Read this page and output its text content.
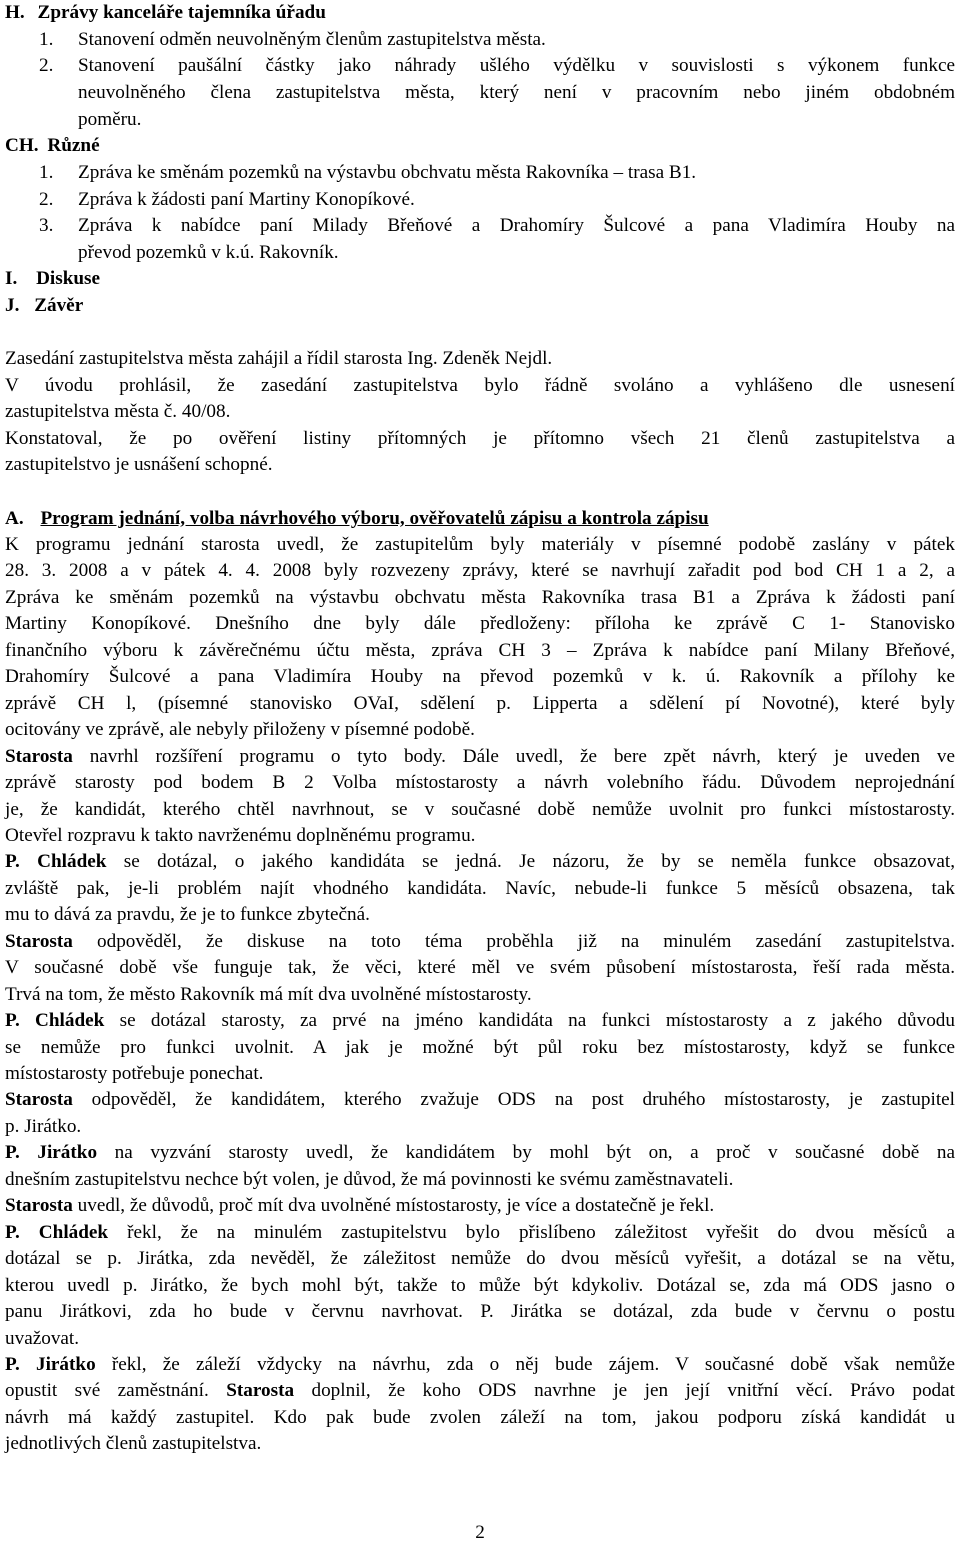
H. Zprávy kanceláře tajemníka úřadu
1. Stanovení odměn neuvolněným členům zastupitelstva města.
2. Stanovení paušální částky jako náhrady ušlého výdělku v souvislosti s výkonem funkce
neuvolněného člena zastupitelstva města, který není v pracovním nebo jiném obdobném
poměru.
CH. Různé
1. Zpráva ke směnám pozemků na výstavbu obchvatu města Rakovníka – trasa B1.
2. Zpráva k žádosti paní Martiny Konopíkové.
3. Zpráva k nabídce paní Milady Břeňové a Drahomíry Šulcové a pana Vladimíra Houby na
převod pozemků v k.ú. Rakovník.
I. Diskuse
J. Závěr
Zasedání zastupitelstva města zahájil a řídil starosta Ing. Zdeněk Nejdl.
V úvodu prohlásil, že zasedání zastupitelstva bylo řádně svoláno a vyhlášeno dle usnesení
zastupitelstva města č. 40/08.
Konstatoval, že po ověření listiny přítomných je přítomno všech 21 členů zastupitelstva a
zastupitelstvo je usnášení schopné.
A. Program jednání, volba návrhového výboru, ověřovatelů zápisu a kontrola zápisu
K programu jednání starosta uvedl, že zastupitelům byly materiály v písemné podobě zaslány v pátek
28. 3. 2008 a v pátek 4. 4. 2008 byly rozvezeny zprávy, které se navrhují zařadit pod bod CH 1 a 2, a
Zpráva ke směnám pozemků na výstavbu obchvatu města Rakovníka trasa B1 a Zpráva k žádosti paní
Martiny Konopíkové. Dnešního dne byly dále předloženy: příloha ke zprávě C 1- Stanovisko
finančního výboru k závěrečnému účtu města, zpráva CH 3 – Zpráva k nabídce paní Milany Břeňové,
Drahomíry Šulcové a pana Vladimíra Houby na převod pozemků v k. ú. Rakovník a přílohy ke
zprávě CH l, (písemné stanovisko OVaI, sdělení p. Lipperta a sdělení pí Novotné), které byly
ocitovány ve zprávě, ale nebyly přiloženy v písemné podobě.
Starosta navrhl rozšíření programu o tyto body. Dále uvedl, že bere zpět návrh, který je uveden ve
zprávě starosty pod bodem B 2 Volba místostarosty a návrh volebního řádu. Důvodem neprojednání
je, že kandidát, kterého chtěl navrhnout, se v současné době nemůže uvolnit pro funkci místostarosty.
Otevřel rozpravu k takto navrženému doplněnému programu.
P. Chládek se dotázal, o jakého kandidáta se jedná. Je názoru, že by se neměla funkce obsazovat,
zvláště pak, je-li problém najít vhodného kandidáta. Navíc, nebude-li funkce 5 měsíců obsazena, tak
mu to dává za pravdu, že je to funkce zbytečná.
Starosta odpověděl, že diskuse na toto téma proběhla již na minulém zasedání zastupitelstva.
V současné době vše funguje tak, že věci, které měl ve svém působení místostarosta, řeší rada města.
Trvá na tom, že město Rakovník má mít dva uvolněné místostarosty.
P. Chládek se dotázal starosty, za prvé na jméno kandidáta na funkci místostarosty a z jakého důvodu
se nemůže pro funkci uvolnit. A jak je možné být půl roku bez místostarosty, když se funkce
místostarosty potřebuje ponechat.
Starosta odpověděl, že kandidátem, kterého zvažuje ODS na post druhého místostarosty, je zastupitel
p. Jirátko.
P. Jirátko na vyzvání starosty uvedl, že kandidátem by mohl být on, a proč v současné době na
dnešním zastupitelstvu nechce být volen, je důvod, že má povinnosti ke svému zaměstnavateli.
Starosta uvedl, že důvodů, proč mít dva uvolněné místostarosty, je více a dostatečně je řekl.
P. Chládek řekl, že na minulém zastupitelstvu bylo přislíbeno záležitost vyřešit do dvou měsíců a
dotázal se p. Jirátka, zda nevěděl, že záležitost nemůže do dvou měsíců vyřešit, a dotázal se na větu,
kterou uvedl p. Jirátko, že bych mohl být, takže to může být kdykoliv. Dotázal se, zda má ODS jasno o
panu Jirátkovi, zda ho bude v červnu navrhovat. P. Jirátka se dotázal, zda bude v červnu o postu
uvažovat.
P. Jirátko řekl, že záleží vždycky na návrhu, zda o něj bude zájem. V současné době však nemůže
opustit své zaměstnání. Starosta doplnil, že koho ODS navrhne je jen její vnitřní věcí. Právo podat
návrh má každý zastupitel. Kdo pak bude zvolen záleží na tom, jakou podporu získá kandidát u
jednotlivých členů zastupitelstva.
2
